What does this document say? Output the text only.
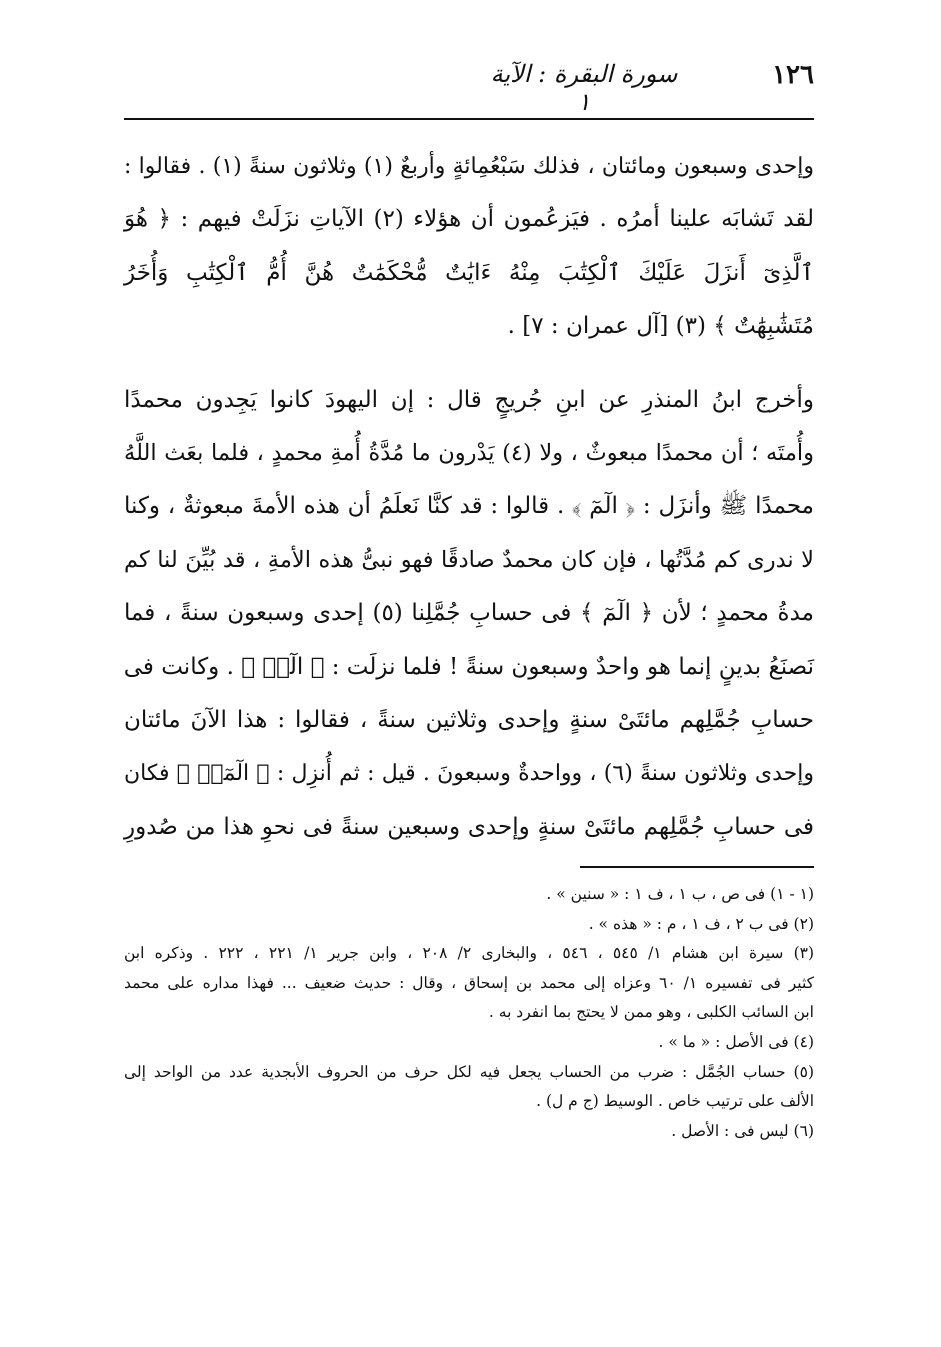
١٢٦
سورة البقرة : الآية ١

وإحدى وسبعون ومائتان ، فذلك سَبْعُمِائةٍ وأربعٌ (١) وثلاثون سنةً (١) . فقالوا :
لقد تَشابَه علينا أمرُه . فيَزعُمون أن هؤلاء (٢) الآياتِ نزَلَتْ فيهم : ﴿ هُوَ
ٱلَّذِىٓ أَنزَلَ عَلَيْكَ ٱلْكِتَٰبَ مِنْهُ ءَايَٰتٌ مُّحْكَمَٰتٌ هُنَّ أُمُّ ٱلْكِتَٰبِ وَأُخَرُ
مُتَشَٰبِهَٰتٌ ﴾ (٣) [آل عمران : ٧] .

وأخرج ابنُ المنذرِ عن ابنِ جُريجٍ قال : إن اليهودَ كانوا يَجِدون محمدًا
وأُمتَه ؛ أن محمدًا مبعوثٌ ، ولا (٤) يَدْرون ما مُدَّةُ أُمةِ محمدٍ ، فلما بعَث اللَّهُ
محمدًا ﷺ وأنزَل : ﴿ الٓمٓ ﴾ . قالوا : قد كنَّا نَعلَمُ أن هذه الأمةَ مبعوثةٌ ، وكنا
لا ندرى كم مُدَّتُها ، فإن كان محمدٌ صادقًا فهو نبىُّ هذه الأمةِ ، قد بُيِّنَ لنا كم
مدةُ محمدٍ ؛ لأن ﴿ الٓمٓ ﴾ فى حسابِ جُمَّلِنا (٥) إحدى وسبعون سنةً ، فما
نَصنَعُ بدينٍ إنما هو واحدٌ وسبعون سنةً ! فلما نزلَت : ﴿ الٓرۚ ﴾ . وكانت فى
حسابِ جُمَّلِهم مائتَىْ سنةٍ وإحدى وثلاثين سنةً ، فقالوا : هذا الآنَ مائتان
وإحدى وثلاثون سنةً (٦) ، وواحدةٌ وسبعونَ . قيل : ثم أُنزِل : ﴿ الٓمٓرۚ ﴾ فكان
فى حسابِ جُمَّلِهم مائتَىْ سنةٍ وإحدى وسبعين سنةً فى نحوِ هذا من صُدورِ

(١ - ١) فى ص ، ب ١ ، ف ١ : « سنين » .
(٢) فى ب ٢ ، ف ١ ، م : « هذه » .
(٣) سيرة ابن هشام ١/ ٥٤٥ ، ٥٤٦ ، والبخارى ٢/ ٢٠٨ ، وابن جرير ١/ ٢٢١ ، ٢٢٢ . وذكره ابن
كثير فى تفسيره ١/ ٦٠ وعزاه إلى محمد بن إسحاق ، وقال : حديث ضعيف ... فهذا مداره على محمد
ابن السائب الكلبى ، وهو ممن لا يحتج بما انفرد به .
(٤) فى الأصل : « ما » .
(٥) حساب الجُمَّل : ضرب من الحساب يجعل فيه لكل حرف من الحروف الأبجدية عدد من الواحد إلى
الألف على ترتيب خاص . الوسيط (ج م ل) .
(٦) ليس فى : الأصل .
